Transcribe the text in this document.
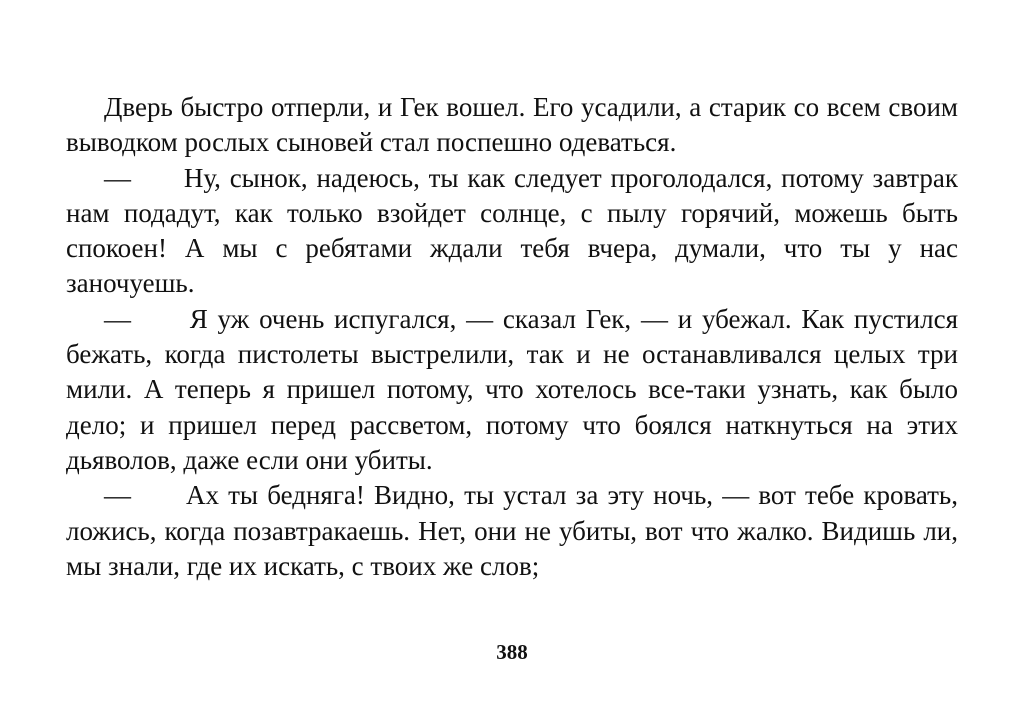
Дверь быстро отперли, и Гек вошел. Его усадили, а старик со всем своим выводком рослых сыновей стал поспешно одеваться.

—      Ну, сынок, надеюсь, ты как следует проголодался, потому завтрак нам подадут, как только взойдет солнце, с пылу горячий, можешь быть спокоен! А мы с ребятами ждали тебя вчера, думали, что ты у нас заночуешь.

—      Я уж очень испугался, — сказал Гек, — и убежал. Как пустился бежать, когда пистолеты выстрелили, так и не останавливался целых три мили. А теперь я пришел потому, что хотелось все-таки узнать, как было дело; и пришел перед рассветом, потому что боялся наткнуться на этих дьяволов, даже если они убиты.

—      Ах ты бедняга! Видно, ты устал за эту ночь, — вот тебе кровать, ложись, когда позавтракаешь. Нет, они не убиты, вот что жалко. Видишь ли, мы знали, где их искать, с твоих же слов;

388
